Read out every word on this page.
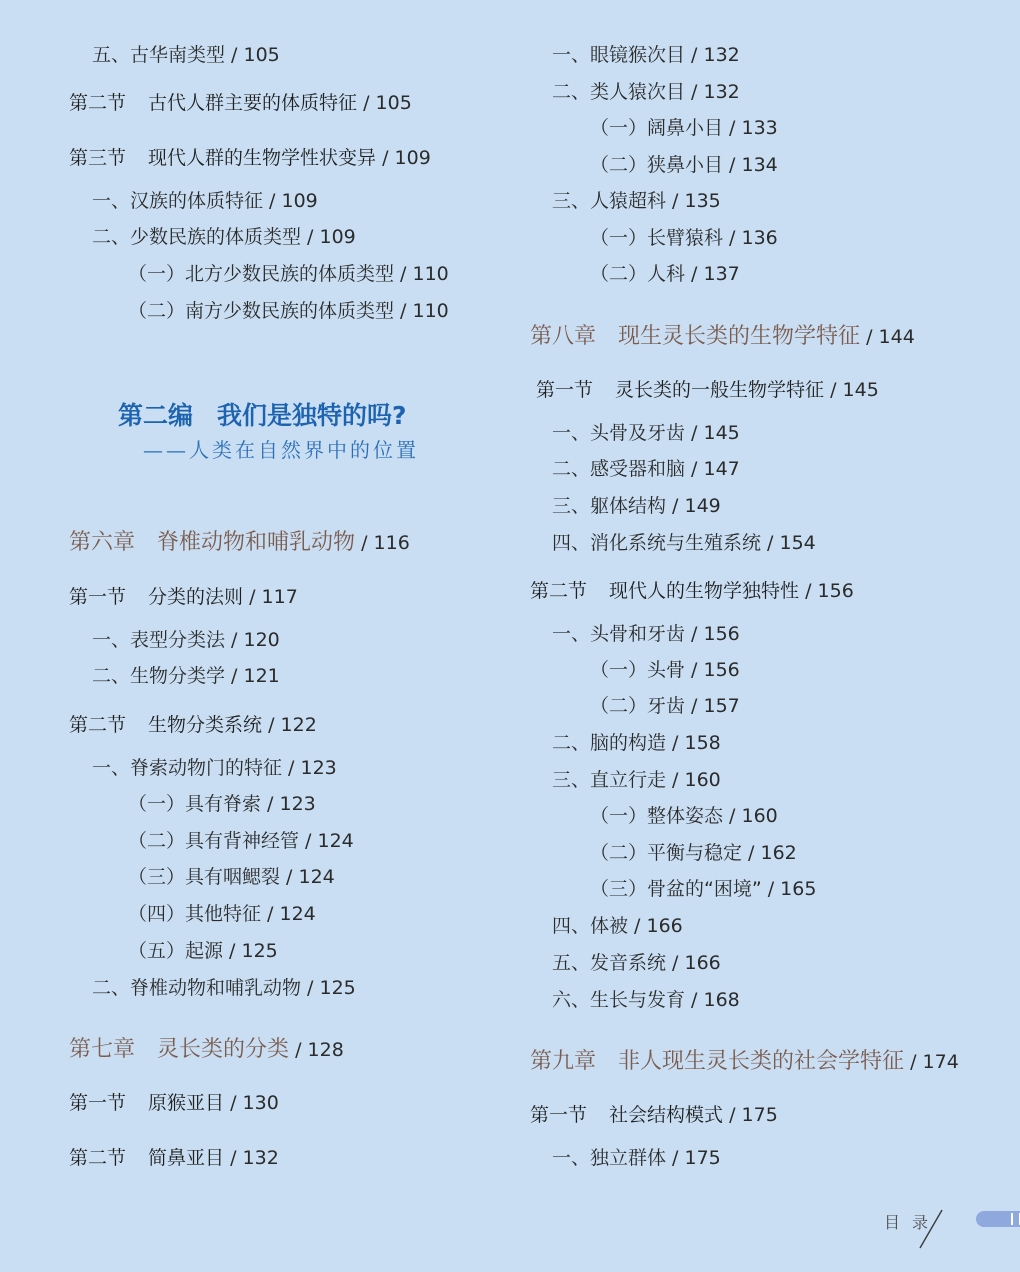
五、古华南类型 / 105
第二节 古代人群主要的体质特征 / 105
第三节 现代人群的生物学性状变异 / 109
一、汉族的体质特征 / 109
二、少数民族的体质类型 / 109
（一）北方少数民族的体质类型 / 110
（二）南方少数民族的体质类型 / 110
第六章 脊椎动物和哺乳动物 / 116
第一节 分类的法则 / 117
一、表型分类法 / 120
二、生物分类学 / 121
第二节 生物分类系统 / 122
一、脊索动物门的特征 / 123
（一）具有脊索 / 123
（二）具有背神经管 / 124
（三）具有咽鳃裂 / 124
（四）其他特征 / 124
（五）起源 / 125
二、脊椎动物和哺乳动物 / 125
第七章 灵长类的分类 / 128
第一节 原猴亚目 / 130
第二节 简鼻亚目 / 132
第二编 我们是独特的吗?
——人类在自然界中的位置
一、眼镜猴次目 / 132
二、类人猿次目 / 132
（一）阔鼻小目 / 133
（二）狭鼻小目 / 134
三、人猿超科 / 135
（一）长臂猿科 / 136
（二）人科 / 137
第八章 现生灵长类的生物学特征 / 144
第一节 灵长类的一般生物学特征 / 145
一、头骨及牙齿 / 145
二、感受器和脑 / 147
三、躯体结构 / 149
四、消化系统与生殖系统 / 154
第二节 现代人的生物学独特性 / 156
一、头骨和牙齿 / 156
（一）头骨 / 156
（二）牙齿 / 157
二、脑的构造 / 158
三、直立行走 / 160
（一）整体姿态 / 160
（二）平衡与稳定 / 162
（三）骨盆的“困境” / 165
四、体被 / 166
五、发音系统 / 166
六、生长与发育 / 168
第九章 非人现生灵长类的社会学特征 / 174
第一节 社会结构模式 / 175
一、独立群体 / 175
目录
